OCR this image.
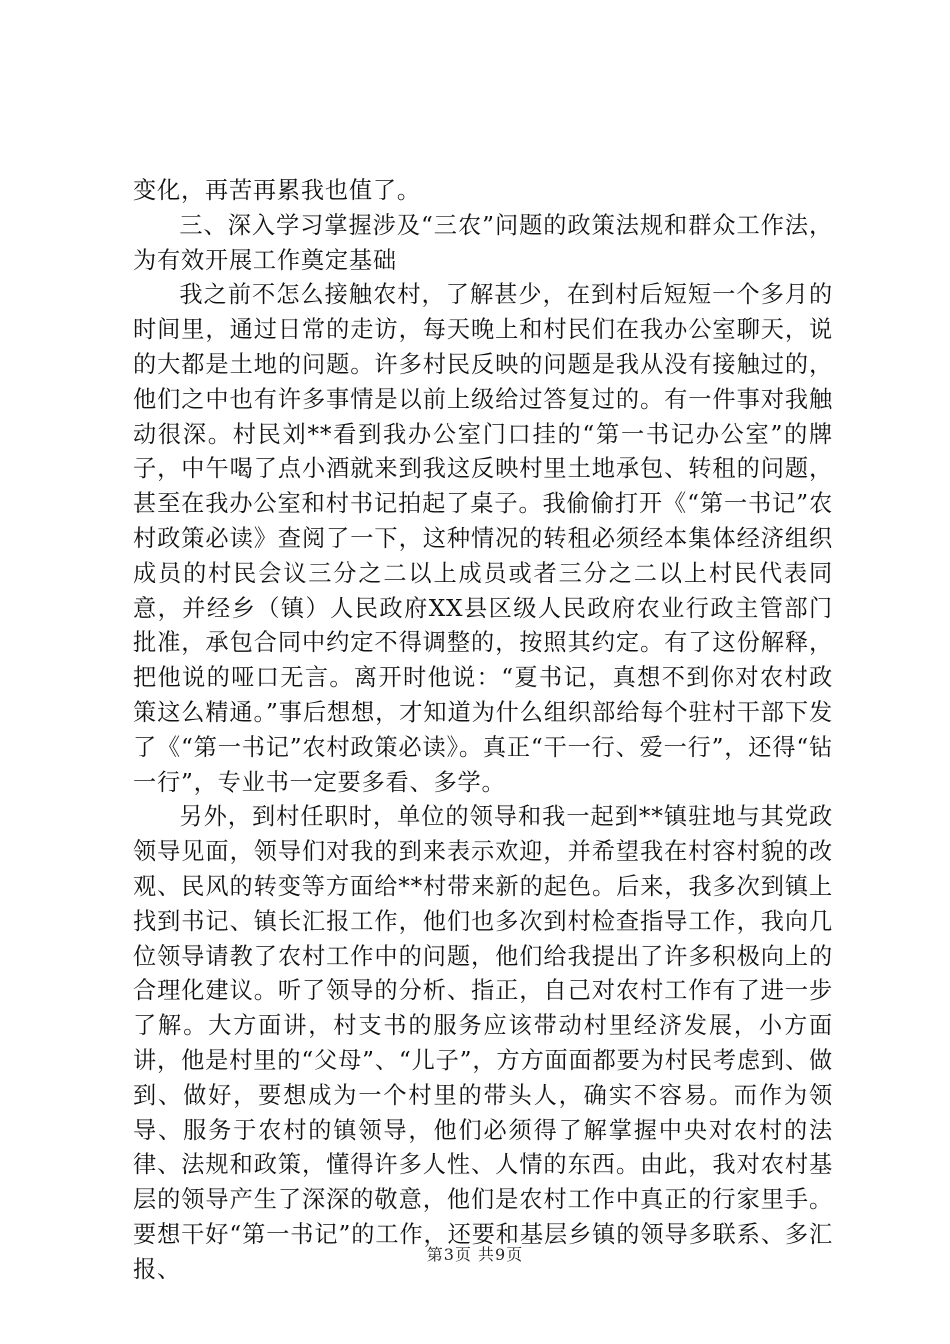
变化，再苦再累我也值了。

三、深入学习掌握涉及“三农”问题的政策法规和群众工作法，为有效开展工作奠定基础

我之前不怎么接触农村，了解甚少，在到村后短短一个多月的时间里，通过日常的走访，每天晚上和村民们在我办公室聊天，说的大都是土地的问题。许多村民反映的问题是我从没有接触过的，他们之中也有许多事情是以前上级给过答复过的。有一件事对我触动很深。村民刘**看到我办公室门口挂的“第一书记办公室”的牌子，中午喝了点小酒就来到我这反映村里土地承包、转租的问题，甚至在我办公室和村书记拍起了桌子。我偷偷打开《“第一书记”农村政策必读》查阅了一下，这种情况的转租必须经本集体经济组织成员的村民会议三分之二以上成员或者三分之二以上村民代表同意，并经乡（镇）人民政府XX县区级人民政府农业行政主管部门批准，承包合同中约定不得调整的，按照其约定。有了这份解释，把他说的哑口无言。离开时他说：“夏书记，真想不到你对农村政策这么精通。”事后想想，才知道为什么组织部给每个驻村干部下发了《“第一书记”农村政策必读》。真正“干一行、爱一行”，还得“钻一行”，专业书一定要多看、多学。

另外，到村任职时，单位的领导和我一起到**镇驻地与其党政领导见面，领导们对我的到来表示欢迎，并希望我在村容村貌的改观、民风的转变等方面给**村带来新的起色。后来，我多次到镇上找到书记、镇长汇报工作，他们也多次到村检查指导工作，我向几位领导请教了农村工作中的问题，他们给我提出了许多积极向上的合理化建议。听了领导的分析、指正，自己对农村工作有了进一步了解。大方面讲，村支书的服务应该带动村里经济发展，小方面讲，他是村里的“父母”、“儿子”，方方面面都要为村民考虑到、做到、做好，要想成为一个村里的带头人，确实不容易。而作为领导、服务于农村的镇领导，他们必须得了解掌握中央对农村的法律、法规和政策，懂得许多人性、人情的东西。由此，我对农村基层的领导产生了深深的敬意，他们是农村工作中真正的行家里手。要想干好“第一书记”的工作，还要和基层乡镇的领导多联系、多汇报、

第3页 共9页
